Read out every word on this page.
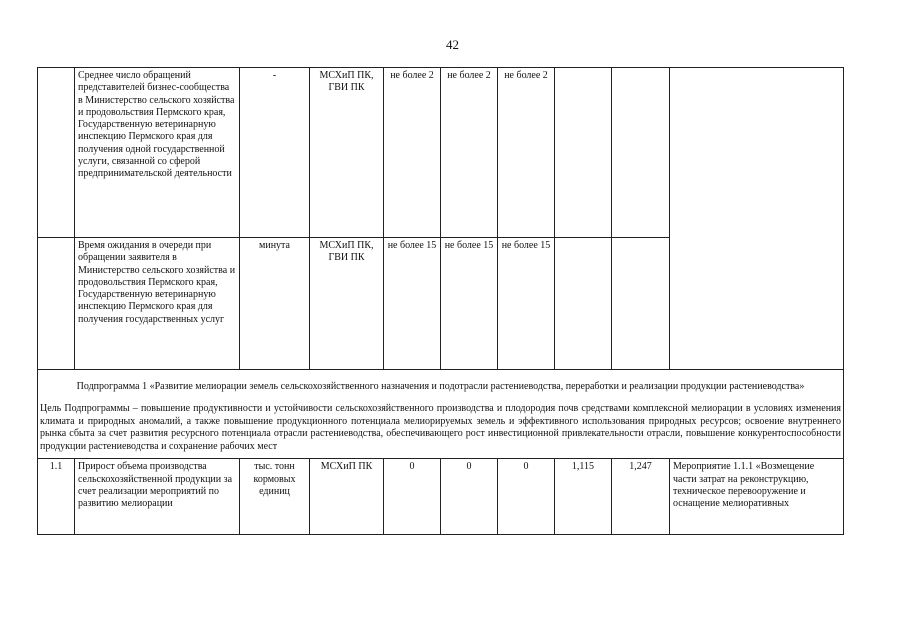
42
	Среднее число обращений представителей бизнес-сообщества в Министерство сельского хозяйства и продовольствия Пермского края, Государственную ветеринарную инспекцию Пермского края для получения одной государственной услуги, связанной со сферой предпринимательской деятельности	-	МСХиП ПК, ГВИ ПК	не более 2	не более 2	не более 2			
	Время ожидания в очереди при обращении заявителя в Министерство сельского хозяйства и продовольствия Пермского края, Государственную ветеринарную инспекцию Пермского края для получения государственных услуг	минута	МСХиП ПК, ГВИ ПК	не более 15	не более 15	не более 15			

Подпрограмма 1 «Развитие мелиорации земель сельскохозяйственного назначения и подотрасли растениеводства, переработки и реализации продукции растениеводства»
Цель Подпрограммы – повышение продуктивности и устойчивости сельскохозяйственного производства и плодородия почв средствами комплексной мелиорации в условиях изменения климата и природных аномалий, а также повышение продукционного потенциала мелиорируемых земель и эффективного использования природных ресурсов; освоение внутреннего рынка сбыта за счет развития ресурсного потенциала отрасли растениеводства, обеспечивающего рост инвестиционной привлекательности отрасли, повышение конкурентоспособности продукции растениеводства и сохранение рабочих мест									

1.1	Прирост объема производства сельскохозяйственной продукции за счет реализации мероприятий по развитию мелиорации	тыс. тонн кормовых единиц	МСХиП ПК	0	0	0	1,115	1,247	Мероприятие 1.1.1 «Возмещение части затрат на реконструкцию, техническое перевооружение и оснащение мелиоративных
